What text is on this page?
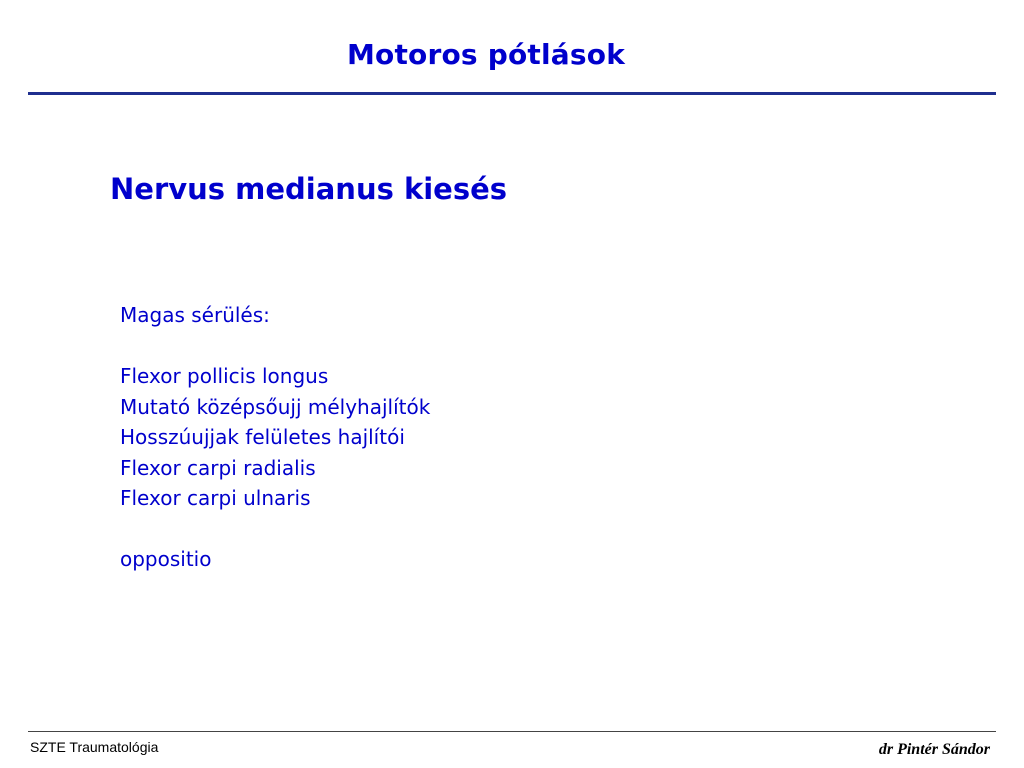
Motoros pótlások
Nervus medianus kiesés
Magas sérülés:
Flexor pollicis longus
Mutató középsőujj mélyhajlítók
Hosszúujjak felületes hajlítói
Flexor carpi radialis
Flexor carpi ulnaris
oppositio
SZTE Traumatológia	dr Pintér Sándor
